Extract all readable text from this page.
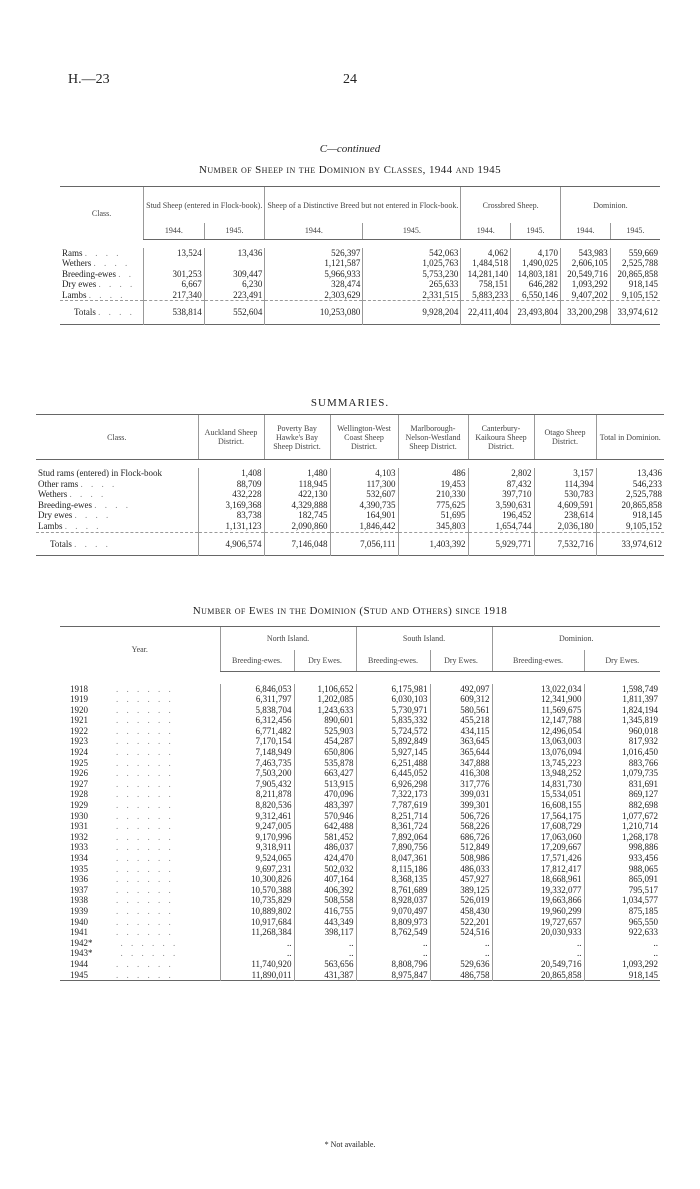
H.—23	24
C—continued
Number of Sheep in the Dominion by Classes, 1944 and 1945
Class.	Stud Sheep (entered in Flock-book).		Sheep of a Distinctive Breed but not entered in Flock-book.		Crossbred Sheep.		Dominion.	
	1944.	1945.	1944.	1945.	1944.	1945.	1944.	1945.

Rams . . . .	13,524	13,436	526,397	542,063	4,062	4,170	543,983	559,669
Wethers . . . .			1,121,587	1,025,763	1,484,518	1,490,025	2,606,105	2,525,788
Breeding-ewes . .	301,253	309,447	5,966,933	5,753,230	14,281,140	14,803,181	20,549,716	20,865,858
Dry ewes . . . .	6,667	6,230	328,474	265,633	758,151	646,282	1,093,292	918,145
Lambs . . . .	217,340	223,491	2,303,629	2,331,515	5,883,233	6,550,146	9,407,202	9,105,152
Totals . . . .	538,814	552,604	10,253,080	9,928,204	22,411,404	23,493,804	33,200,298	33,974,612
SUMMARIES.
Class.	Auckland Sheep District.	Poverty Bay Hawke's Bay Sheep District.	Wellington-West Coast Sheep District.	Marlborough-Nelson-Westland Sheep District.	Canterbury-Kaikoura Sheep District.	Otago Sheep District.	Total in Dominion.

Stud rams (entered) in Flock-book	1,408	1,480	4,103	486	2,802	3,157	13,436
Other rams . . . .	88,709	118,945	117,300	19,453	87,432	114,394	546,233
Wethers . . . .	432,228	422,130	532,607	210,330	397,710	530,783	2,525,788
Breeding-ewes . . . .	3,169,368	4,329,888	4,390,735	775,625	3,590,631	4,609,591	20,865,858
Dry ewes . . . .	83,738	182,745	164,901	51,695	196,452	238,614	918,145
Lambs . . . .	1,131,123	2,090,860	1,846,442	345,803	1,654,744	2,036,180	9,105,152
Totals . . . .	4,906,574	7,146,048	7,056,111	1,403,392	5,929,771	7,532,716	33,974,612
Number of Ewes in the Dominion (Stud and Others) since 1918
Year.	North Island.		South Island.		Dominion.	
	Breeding-ewes.	Dry Ewes.	Breeding-ewes.	Dry Ewes.	Breeding-ewes.	Dry Ewes.

1918 . . . . . .	6,846,053	1,106,652	6,175,981	492,097	13,022,034	1,598,749
1919 . . . . . .	6,311,797	1,202,085	6,030,103	609,312	12,341,900	1,811,397
1920 . . . . . .	5,838,704	1,243,633	5,730,971	580,561	11,569,675	1,824,194
1921 . . . . . .	6,312,456	890,601	5,835,332	455,218	12,147,788	1,345,819
1922 . . . . . .	6,771,482	525,903	5,724,572	434,115	12,496,054	960,018
1923 . . . . . .	7,170,154	454,287	5,892,849	363,645	13,063,003	817,932
1924 . . . . . .	7,148,949	650,806	5,927,145	365,644	13,076,094	1,016,450
1925 . . . . . .	7,463,735	535,878	6,251,488	347,888	13,745,223	883,766
1926 . . . . . .	7,503,200	663,427	6,445,052	416,308	13,948,252	1,079,735
1927 . . . . . .	7,905,432	513,915	6,926,298	317,776	14,831,730	831,691
1928 . . . . . .	8,211,878	470,096	7,322,173	399,031	15,534,051	869,127
1929 . . . . . .	8,820,536	483,397	7,787,619	399,301	16,608,155	882,698
1930 . . . . . .	9,312,461	570,946	8,251,714	506,726	17,564,175	1,077,672
1931 . . . . . .	9,247,005	642,488	8,361,724	568,226	17,608,729	1,210,714
1932 . . . . . .	9,170,996	581,452	7,892,064	686,726	17,063,060	1,268,178
1933 . . . . . .	9,318,911	486,037	7,890,756	512,849	17,209,667	998,886
1934 . . . . . .	9,524,065	424,470	8,047,361	508,986	17,571,426	933,456
1935 . . . . . .	9,697,231	502,032	8,115,186	486,033	17,812,417	988,065
1936 . . . . . .	10,300,826	407,164	8,368,135	457,927	18,668,961	865,091
1937 . . . . . .	10,570,388	406,392	8,761,689	389,125	19,332,077	795,517
1938 . . . . . .	10,735,829	508,558	8,928,037	526,019	19,663,866	1,034,577
1939 . . . . . .	10,889,802	416,755	9,070,497	458,430	19,960,299	875,185
1940 . . . . . .	10,917,684	443,349	8,809,973	522,201	19,727,657	965,550
1941 . . . . . .	11,268,384	398,117	8,762,549	524,516	20,030,933	922,633
1942* . . . . . .	..	..	..	..	..	..
1943* . . . . . .	..	..	..	..	..	..
1944 . . . . . .	11,740,920	563,656	8,808,796	529,636	20,549,716	1,093,292
1945 . . . . . .	11,890,011	431,387	8,975,847	486,758	20,865,858	918,145
* Not available.
